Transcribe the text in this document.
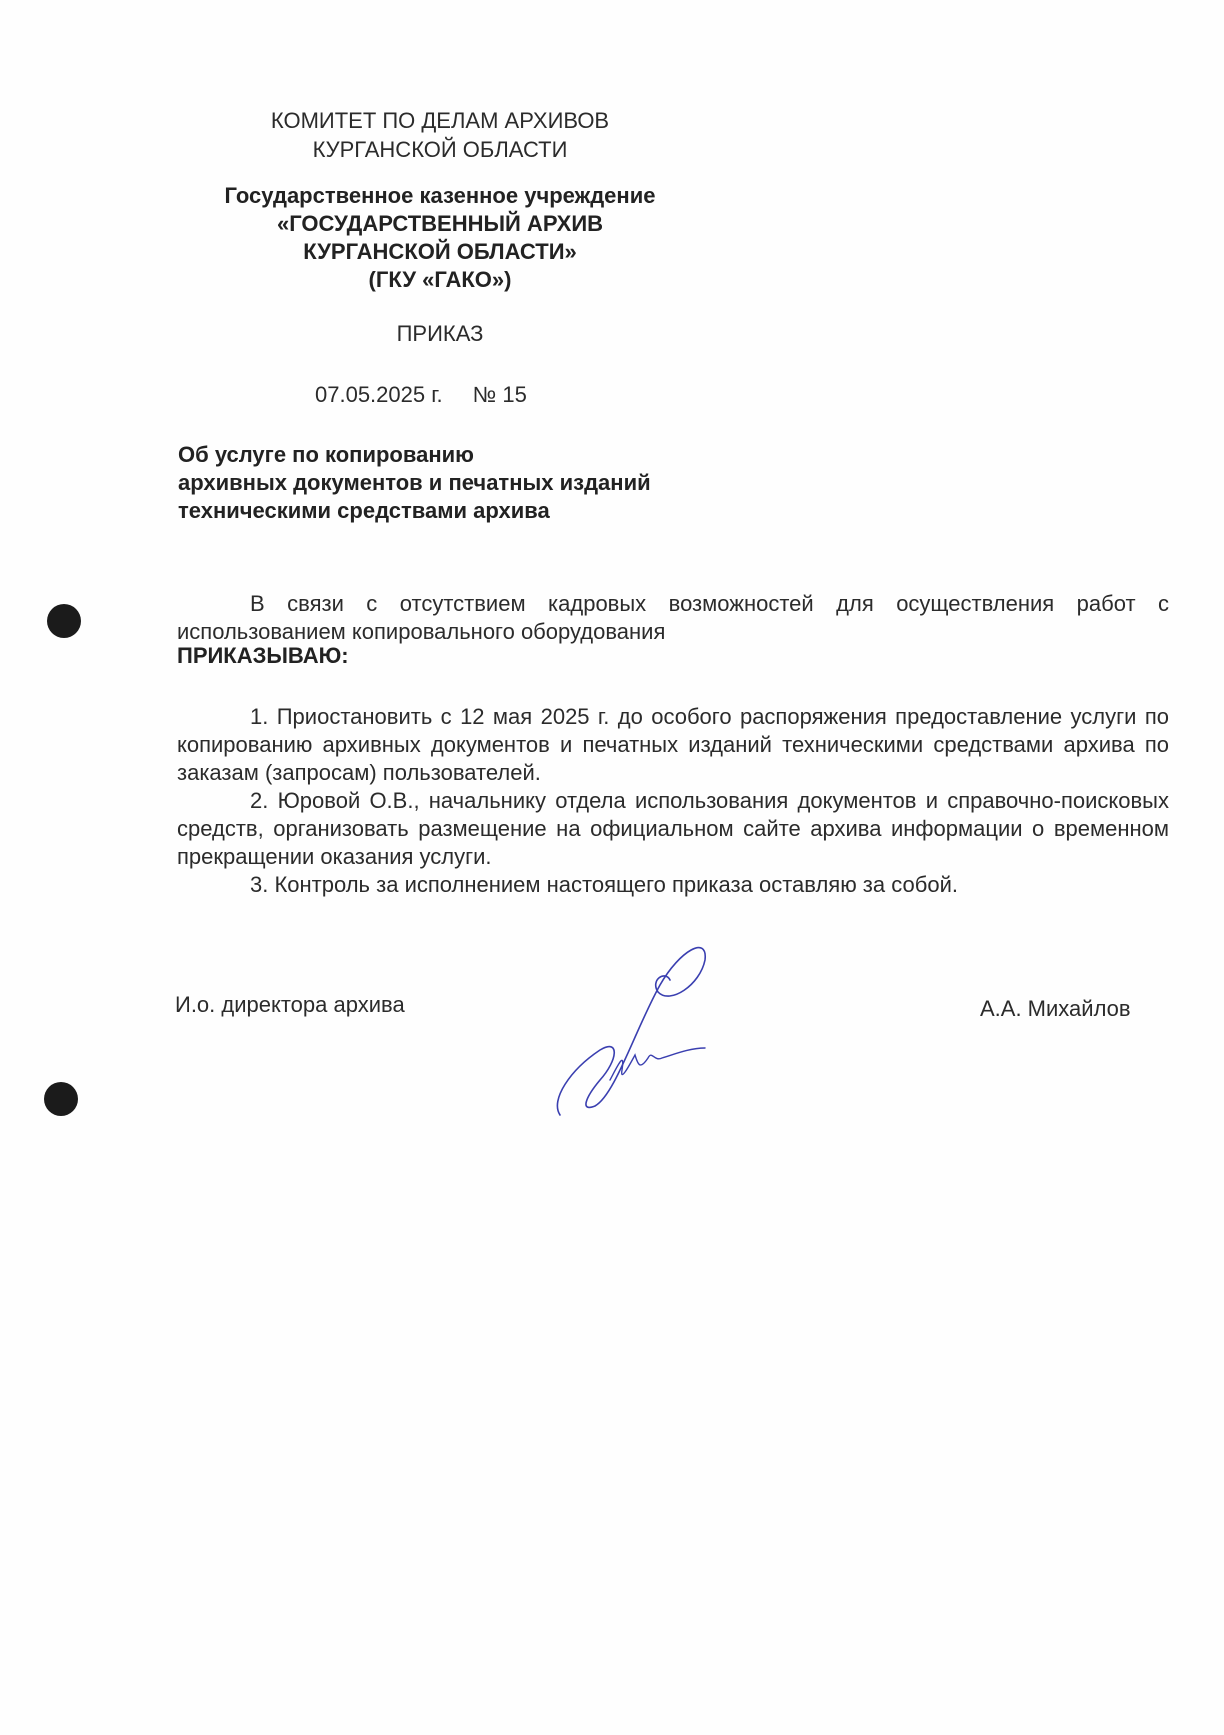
КОМИТЕТ ПО ДЕЛАМ АРХИВОВ
КУРГАНСКОЙ ОБЛАСТИ
Государственное казенное учреждение
«ГОСУДАРСТВЕННЫЙ АРХИВ
КУРГАНСКОЙ ОБЛАСТИ»
(ГКУ «ГАКО»)
ПРИКАЗ
07.05.2025 г. № 15
Об услуге по копированию
архивных документов и печатных изданий
техническими средствами архива
В связи с отсутствием кадровых возможностей для осуществления работ с использованием копировального оборудования
ПРИКАЗЫВАЮ:

1. Приостановить с 12 мая 2025 г. до особого распоряжения предоставление услуги по копированию архивных документов и печатных изданий техническими средствами архива по заказам (запросам) пользователей.

2. Юровой О.В., начальнику отдела использования документов и справочно-поисковых средств, организовать размещение на официальном сайте архива информации о временном прекращении оказания услуги.

3. Контроль за исполнением настоящего приказа оставляю за собой.

И.о. директора архива	А.А. Михайлов
